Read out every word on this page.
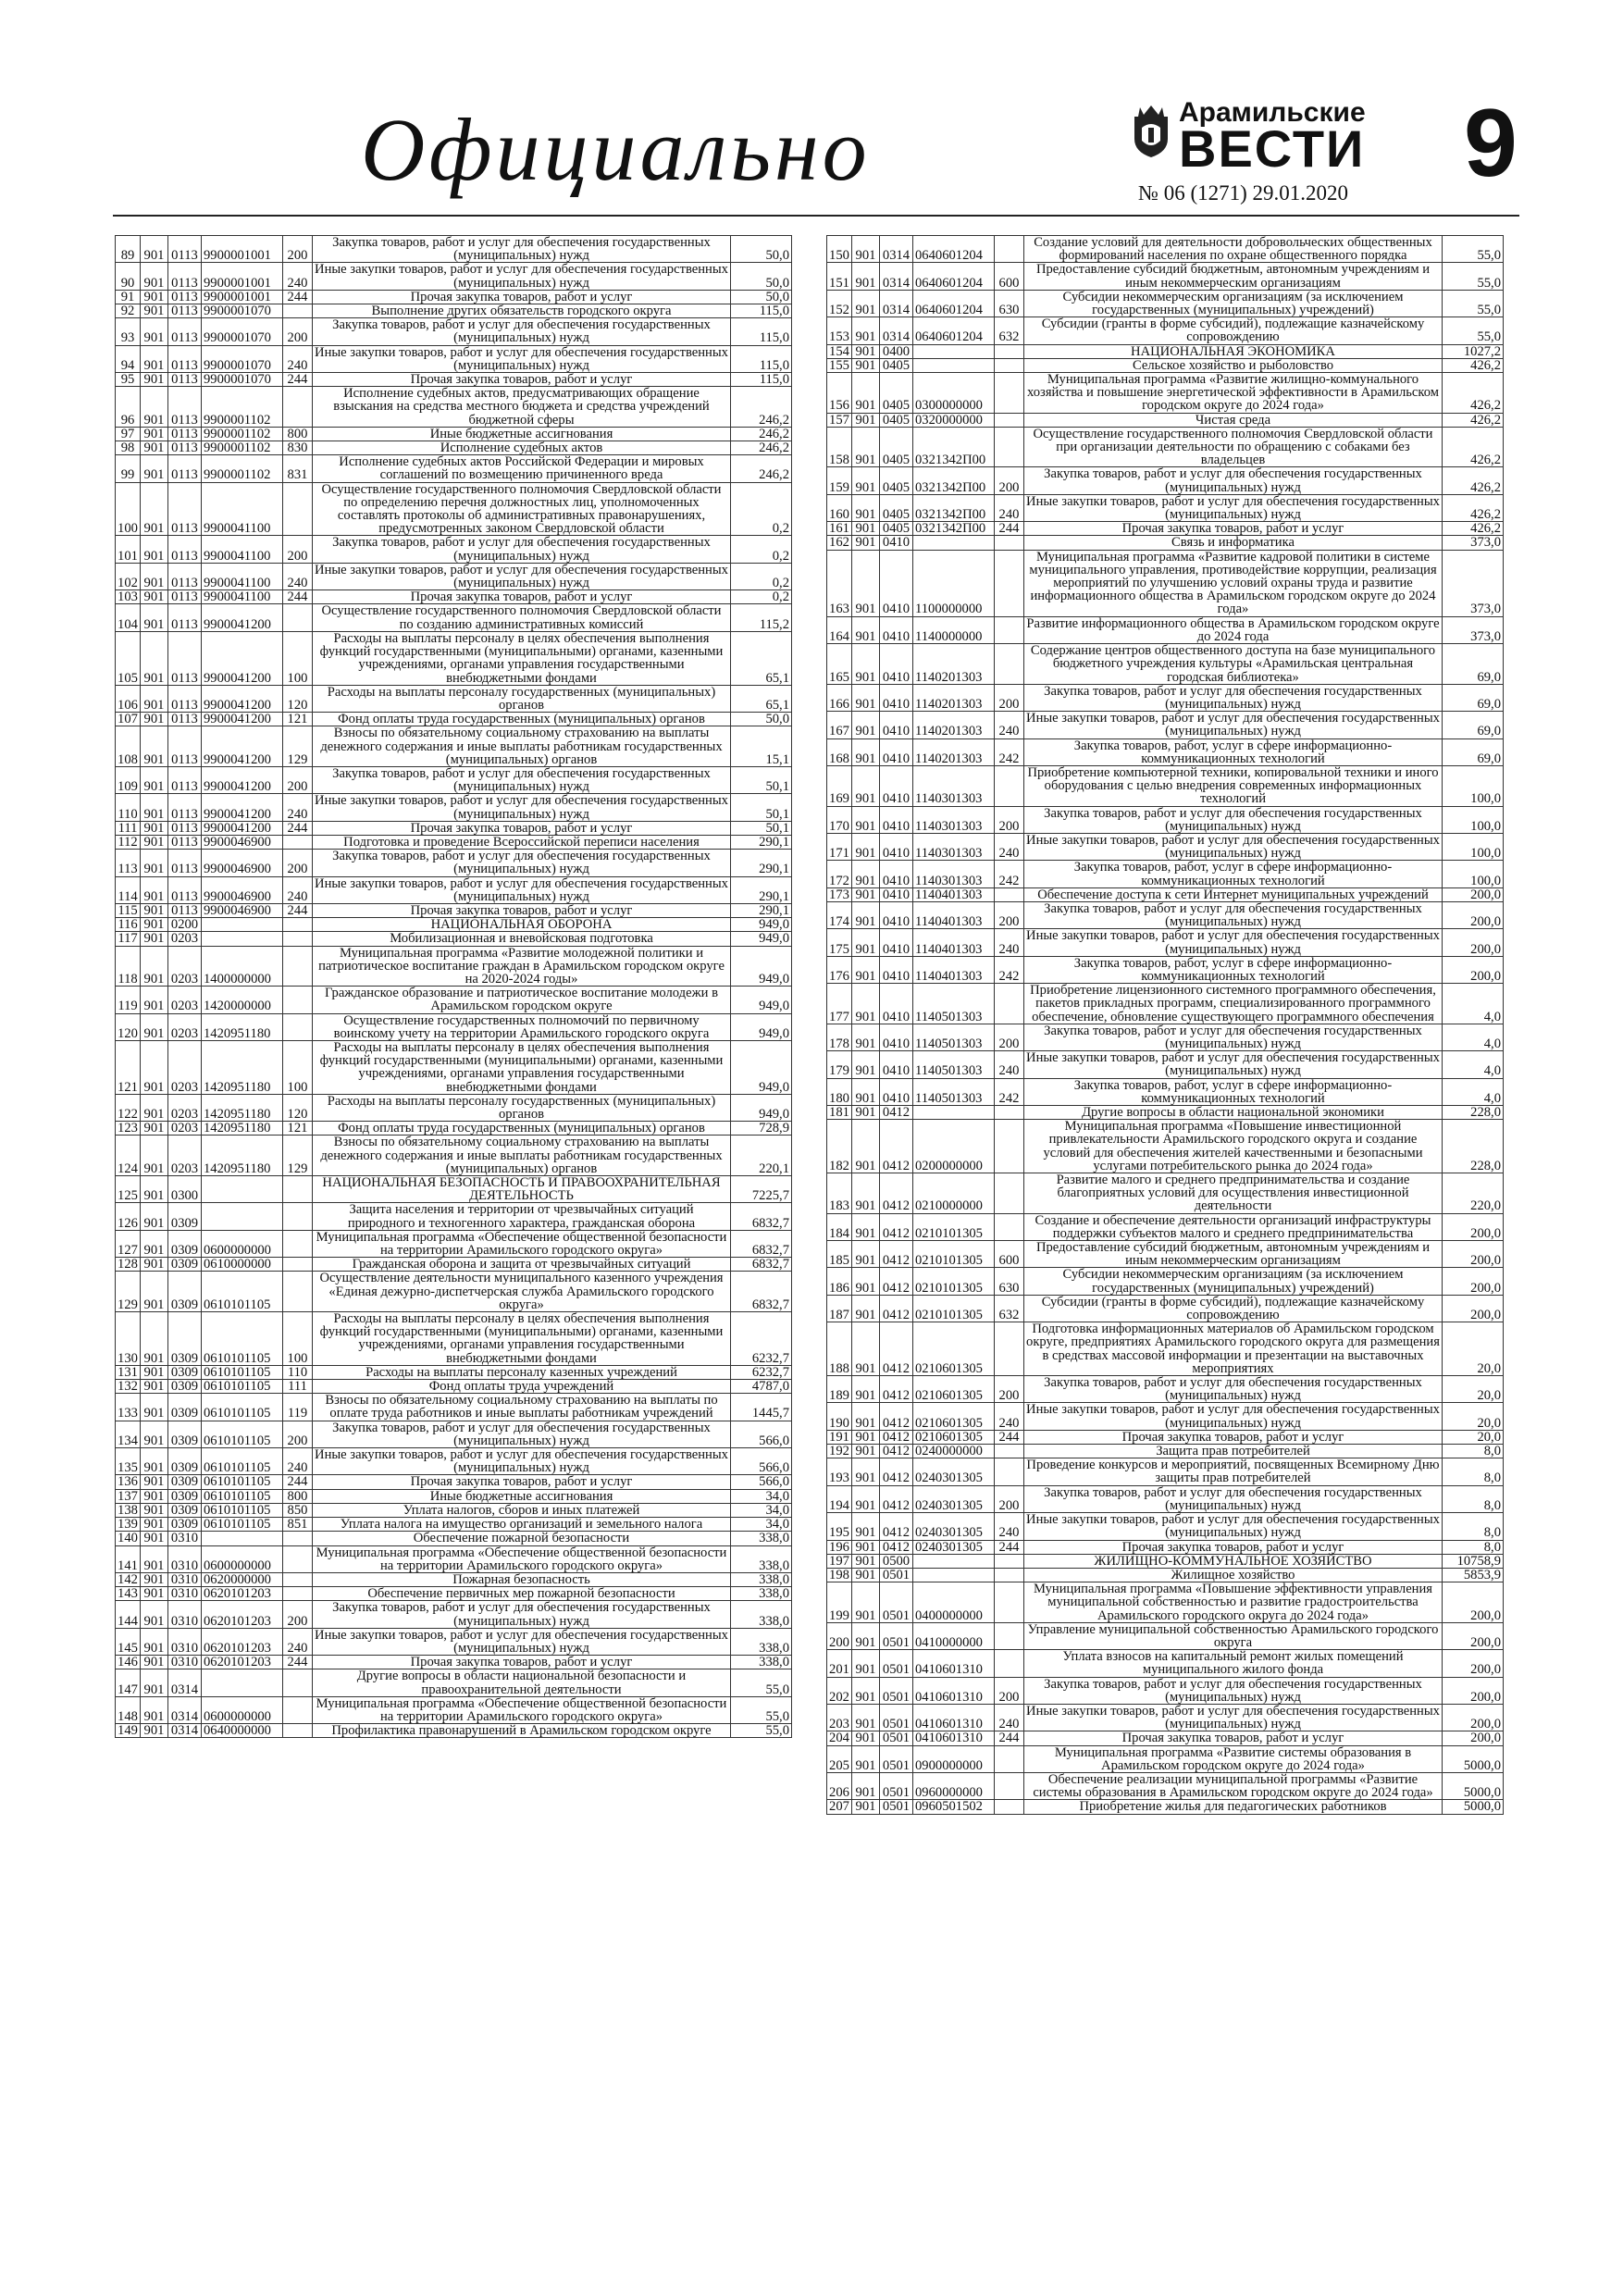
Официально	Арамильские
ВЕСТИ
№ 06 (1271) 29.01.2020 9
89	901	0113	9900001001	200	Закупка товаров, работ и услуг для обеспечения государственных (муниципальных) нужд	50,0
90	901	0113	9900001001	240	Иные закупки товаров, работ и услуг для обеспечения государственных (муниципальных) нужд	50,0
91	901	0113	9900001001	244	Прочая закупка товаров, работ и услуг	50,0
92	901	0113	9900001070		Выполнение других обязательств городского округа	115,0
93	901	0113	9900001070	200	Закупка товаров, работ и услуг для обеспечения государственных (муниципальных) нужд	115,0
94	901	0113	9900001070	240	Иные закупки товаров, работ и услуг для обеспечения государственных (муниципальных) нужд	115,0
95	901	0113	9900001070	244	Прочая закупка товаров, работ и услуг	115,0
96	901	0113	9900001102		Исполнение судебных актов, предусматривающих обращение взыскания на средства местного бюджета и средства учреждений бюджетной сферы	246,2
97	901	0113	9900001102	800	Иные бюджетные ассигнования	246,2
98	901	0113	9900001102	830	Исполнение судебных актов	246,2
99	901	0113	9900001102	831	Исполнение судебных актов Российской Федерации и мировых соглашений по возмещению причиненного вреда	246,2
100	901	0113	9900041100		Осуществление государственного полномочия Свердловской области по определению перечня должностных лиц, уполномоченных составлять протоколы об административных правонарушениях, предусмотренных законом Свердловской области	0,2
101	901	0113	9900041100	200	Закупка товаров, работ и услуг для обеспечения государственных (муниципальных) нужд	0,2
102	901	0113	9900041100	240	Иные закупки товаров, работ и услуг для обеспечения государственных (муниципальных) нужд	0,2
103	901	0113	9900041100	244	Прочая закупка товаров, работ и услуг	0,2
104	901	0113	9900041200		Осуществление государственного полномочия Свердловской области по созданию административных комиссий	115,2
105	901	0113	9900041200	100	Расходы на выплаты персоналу в целях обеспечения выполнения функций государственными (муниципальными) органами, казенными учреждениями, органами управления государственными внебюджетными фондами	65,1
106	901	0113	9900041200	120	Расходы на выплаты персоналу государственных (муниципальных) органов	65,1
107	901	0113	9900041200	121	Фонд оплаты труда государственных (муниципальных) органов	50,0
108	901	0113	9900041200	129	Взносы по обязательному социальному страхованию на выплаты денежного содержания и иные выплаты работникам государственных (муниципальных) органов	15,1
109	901	0113	9900041200	200	Закупка товаров, работ и услуг для обеспечения государственных (муниципальных) нужд	50,1
110	901	0113	9900041200	240	Иные закупки товаров, работ и услуг для обеспечения государственных (муниципальных) нужд	50,1
111	901	0113	9900041200	244	Прочая закупка товаров, работ и услуг	50,1
112	901	0113	9900046900		Подготовка и проведение Всероссийской переписи населения	290,1
113	901	0113	9900046900	200	Закупка товаров, работ и услуг для обеспечения государственных (муниципальных) нужд	290,1
114	901	0113	9900046900	240	Иные закупки товаров, работ и услуг для обеспечения государственных (муниципальных) нужд	290,1
115	901	0113	9900046900	244	Прочая закупка товаров, работ и услуг	290,1
116	901	0200			НАЦИОНАЛЬНАЯ ОБОРОНА	949,0
117	901	0203			Мобилизационная и вневойсковая подготовка	949,0
118	901	0203	1400000000		Муниципальная программа «Развитие молодежной политики и патриотическое воспитание граждан в Арамильском городском округе на 2020-2024 годы»	949,0
119	901	0203	1420000000		Гражданское образование и патриотическое воспитание молодежи в Арамильском городском округе	949,0
120	901	0203	1420951180		Осуществление государственных полномочий по первичному воинскому учету на территории Арамильского городского округа	949,0
121	901	0203	1420951180	100	Расходы на выплаты персоналу в целях обеспечения выполнения функций государственными (муниципальными) органами, казенными учреждениями, органами управления государственными внебюджетными фондами	949,0
122	901	0203	1420951180	120	Расходы на выплаты персоналу государственных (муниципальных) органов	949,0
123	901	0203	1420951180	121	Фонд оплаты труда государственных (муниципальных) органов	728,9
124	901	0203	1420951180	129	Взносы по обязательному социальному страхованию на выплаты денежного содержания и иные выплаты работникам государственных (муниципальных) органов	220,1
125	901	0300			НАЦИОНАЛЬНАЯ БЕЗОПАСНОСТЬ И ПРАВООХРАНИТЕЛЬНАЯ ДЕЯТЕЛЬНОСТЬ	7225,7
126	901	0309			Защита населения и территории от чрезвычайных ситуаций природного и техногенного характера, гражданская оборона	6832,7
127	901	0309	0600000000		Муниципальная программа «Обеспечение общественной безопасности на территории Арамильского городского округа»	6832,7
128	901	0309	0610000000		Гражданская оборона и защита от чрезвычайных ситуаций	6832,7
129	901	0309	0610101105		Осуществление деятельности муниципального казенного учреждения «Единая дежурно-диспетчерская служба Арамильского городского округа»	6832,7
130	901	0309	0610101105	100	Расходы на выплаты персоналу в целях обеспечения выполнения функций государственными (муниципальными) органами, казенными учреждениями, органами управления государственными внебюджетными фондами	6232,7
131	901	0309	0610101105	110	Расходы на выплаты персоналу казенных учреждений	6232,7
132	901	0309	0610101105	111	Фонд оплаты труда учреждений	4787,0
133	901	0309	0610101105	119	Взносы по обязательному социальному страхованию на выплаты по оплате труда работников и иные выплаты работникам учреждений	1445,7
134	901	0309	0610101105	200	Закупка товаров, работ и услуг для обеспечения государственных (муниципальных) нужд	566,0
135	901	0309	0610101105	240	Иные закупки товаров, работ и услуг для обеспечения государственных (муниципальных) нужд	566,0
136	901	0309	0610101105	244	Прочая закупка товаров, работ и услуг	566,0
137	901	0309	0610101105	800	Иные бюджетные ассигнования	34,0
138	901	0309	0610101105	850	Уплата налогов, сборов и иных платежей	34,0
139	901	0309	0610101105	851	Уплата налога на имущество организаций и земельного налога	34,0
140	901	0310			Обеспечение пожарной безопасности	338,0
141	901	0310	0600000000		Муниципальная программа «Обеспечение общественной безопасности на территории Арамильского городского округа»	338,0
142	901	0310	0620000000		Пожарная безопасность	338,0
143	901	0310	0620101203		Обеспечение первичных мер пожарной безопасности	338,0
144	901	0310	0620101203	200	Закупка товаров, работ и услуг для обеспечения государственных (муниципальных) нужд	338,0
145	901	0310	0620101203	240	Иные закупки товаров, работ и услуг для обеспечения государственных (муниципальных) нужд	338,0
146	901	0310	0620101203	244	Прочая закупка товаров, работ и услуг	338,0
147	901	0314			Другие вопросы в области национальной безопасности и правоохранительной деятельности	55,0
148	901	0314	0600000000		Муниципальная программа «Обеспечение общественной безопасности на территории Арамильского городского округа»	55,0
149	901	0314	0640000000		Профилактика правонарушений в Арамильском городском округе	55,0
150	901	0314	0640601204		Создание условий для деятельности добровольческих общественных формирований населения по охране общественного порядка	55,0
151	901	0314	0640601204	600	Предоставление субсидий бюджетным, автономным учреждениям и иным некоммерческим организациям	55,0
152	901	0314	0640601204	630	Субсидии некоммерческим организациям (за исключением государственных (муниципальных) учреждений)	55,0
153	901	0314	0640601204	632	Субсидии (гранты в форме субсидий), подлежащие казначейскому сопровождению	55,0
154	901	0400			НАЦИОНАЛЬНАЯ ЭКОНОМИКА	1027,2
155	901	0405			Сельское хозяйство и рыболовство	426,2
156	901	0405	0300000000		Муниципальная программа «Развитие жилищно-коммунального хозяйства и повышение энергетической эффективности в Арамильском городском округе до 2024 года»	426,2
157	901	0405	0320000000		Чистая среда	426,2
158	901	0405	0321342П00		Осуществление государственного полномочия Свердловской области при организации деятельности по обращению с собаками без владельцев	426,2
159	901	0405	0321342П00	200	Закупка товаров, работ и услуг для обеспечения государственных (муниципальных) нужд	426,2
160	901	0405	0321342П00	240	Иные закупки товаров, работ и услуг для обеспечения государственных (муниципальных) нужд	426,2
161	901	0405	0321342П00	244	Прочая закупка товаров, работ и услуг	426,2
162	901	0410			Связь и информатика	373,0
163	901	0410	1100000000		Муниципальная программа «Развитие кадровой политики в системе муниципального управления, противодействие коррупции, реализация мероприятий по улучшению условий охраны труда и развитие информационного общества в Арамильском городском округе до 2024 года»	373,0
164	901	0410	1140000000		Развитие информационного общества в Арамильском городском округе до 2024 года	373,0
165	901	0410	1140201303		Содержание центров общественного доступа на базе муниципального бюджетного учреждения культуры «Арамильская центральная городская библиотека»	69,0
166	901	0410	1140201303	200	Закупка товаров, работ и услуг для обеспечения государственных (муниципальных) нужд	69,0
167	901	0410	1140201303	240	Иные закупки товаров, работ и услуг для обеспечения государственных (муниципальных) нужд	69,0
168	901	0410	1140201303	242	Закупка товаров, работ, услуг в сфере информационно-коммуникационных технологий	69,0
169	901	0410	1140301303		Приобретение компьютерной техники, копировальной техники и иного оборудования с целью внедрения современных информационных технологий	100,0
170	901	0410	1140301303	200	Закупка товаров, работ и услуг для обеспечения государственных (муниципальных) нужд	100,0
171	901	0410	1140301303	240	Иные закупки товаров, работ и услуг для обеспечения государственных (муниципальных) нужд	100,0
172	901	0410	1140301303	242	Закупка товаров, работ, услуг в сфере информационно-коммуникационных технологий	100,0
173	901	0410	1140401303		Обеспечение доступа к сети Интернет муниципальных учреждений	200,0
174	901	0410	1140401303	200	Закупка товаров, работ и услуг для обеспечения государственных (муниципальных) нужд	200,0
175	901	0410	1140401303	240	Иные закупки товаров, работ и услуг для обеспечения государственных (муниципальных) нужд	200,0
176	901	0410	1140401303	242	Закупка товаров, работ, услуг в сфере информационно-коммуникационных технологий	200,0
177	901	0410	1140501303		Приобретение лицензионного системного программного обеспечения, пакетов прикладных программ, специализированного программного обеспечение, обновление существующего программного обеспечения	4,0
178	901	0410	1140501303	200	Закупка товаров, работ и услуг для обеспечения государственных (муниципальных) нужд	4,0
179	901	0410	1140501303	240	Иные закупки товаров, работ и услуг для обеспечения государственных (муниципальных) нужд	4,0
180	901	0410	1140501303	242	Закупка товаров, работ, услуг в сфере информационно-коммуникационных технологий	4,0
181	901	0412			Другие вопросы в области национальной экономики	228,0
182	901	0412	0200000000		Муниципальная программа «Повышение инвестиционной привлекательности Арамильского городского округа и создание условий для обеспечения жителей качественными и безопасными услугами потребительского рынка до 2024 года»	228,0
183	901	0412	0210000000		Развитие малого и среднего предпринимательства и создание благоприятных условий для осуществления инвестиционной деятельности	220,0
184	901	0412	0210101305		Создание и обеспечение деятельности организаций инфраструктуры поддержки субъектов малого и среднего предпринимательства	200,0
185	901	0412	0210101305	600	Предоставление субсидий бюджетным, автономным учреждениям и иным некоммерческим организациям	200,0
186	901	0412	0210101305	630	Субсидии некоммерческим организациям (за исключением государственных (муниципальных) учреждений)	200,0
187	901	0412	0210101305	632	Субсидии (гранты в форме субсидий), подлежащие казначейскому сопровождению	200,0
188	901	0412	0210601305		Подготовка информационных материалов об Арамильском городском округе, предприятиях Арамильского городского округа для размещения в средствах массовой информации и презентации на выставочных мероприятиях	20,0
189	901	0412	0210601305	200	Закупка товаров, работ и услуг для обеспечения государственных (муниципальных) нужд	20,0
190	901	0412	0210601305	240	Иные закупки товаров, работ и услуг для обеспечения государственных (муниципальных) нужд	20,0
191	901	0412	0210601305	244	Прочая закупка товаров, работ и услуг	20,0
192	901	0412	0240000000		Защита прав потребителей	8,0
193	901	0412	0240301305		Проведение конкурсов и мероприятий, посвященных Всемирному Дню защиты прав потребителей	8,0
194	901	0412	0240301305	200	Закупка товаров, работ и услуг для обеспечения государственных (муниципальных) нужд	8,0
195	901	0412	0240301305	240	Иные закупки товаров, работ и услуг для обеспечения государственных (муниципальных) нужд	8,0
196	901	0412	0240301305	244	Прочая закупка товаров, работ и услуг	8,0
197	901	0500			ЖИЛИЩНО-КОММУНАЛЬНОЕ ХОЗЯЙСТВО	10758,9
198	901	0501			Жилищное хозяйство	5853,9
199	901	0501	0400000000		Муниципальная программа «Повышение эффективности управления муниципальной собственностью и развитие градостроительства Арамильского городского округа до 2024 года»	200,0
200	901	0501	0410000000		Управление муниципальной собственностью Арамильского городского округа	200,0
201	901	0501	0410601310		Уплата взносов на капитальный ремонт жилых помещений муниципального жилого фонда	200,0
202	901	0501	0410601310	200	Закупка товаров, работ и услуг для обеспечения государственных (муниципальных) нужд	200,0
203	901	0501	0410601310	240	Иные закупки товаров, работ и услуг для обеспечения государственных (муниципальных) нужд	200,0
204	901	0501	0410601310	244	Прочая закупка товаров, работ и услуг	200,0
205	901	0501	0900000000		Муниципальная программа «Развитие системы образования в Арамильском городском округе до 2024 года»	5000,0
206	901	0501	0960000000		Обеспечение реализации муниципальной программы «Развитие системы образования в Арамильском городском округе до 2024 года»	5000,0
207	901	0501	0960501502		Приобретение жилья для педагогических работников	5000,0
